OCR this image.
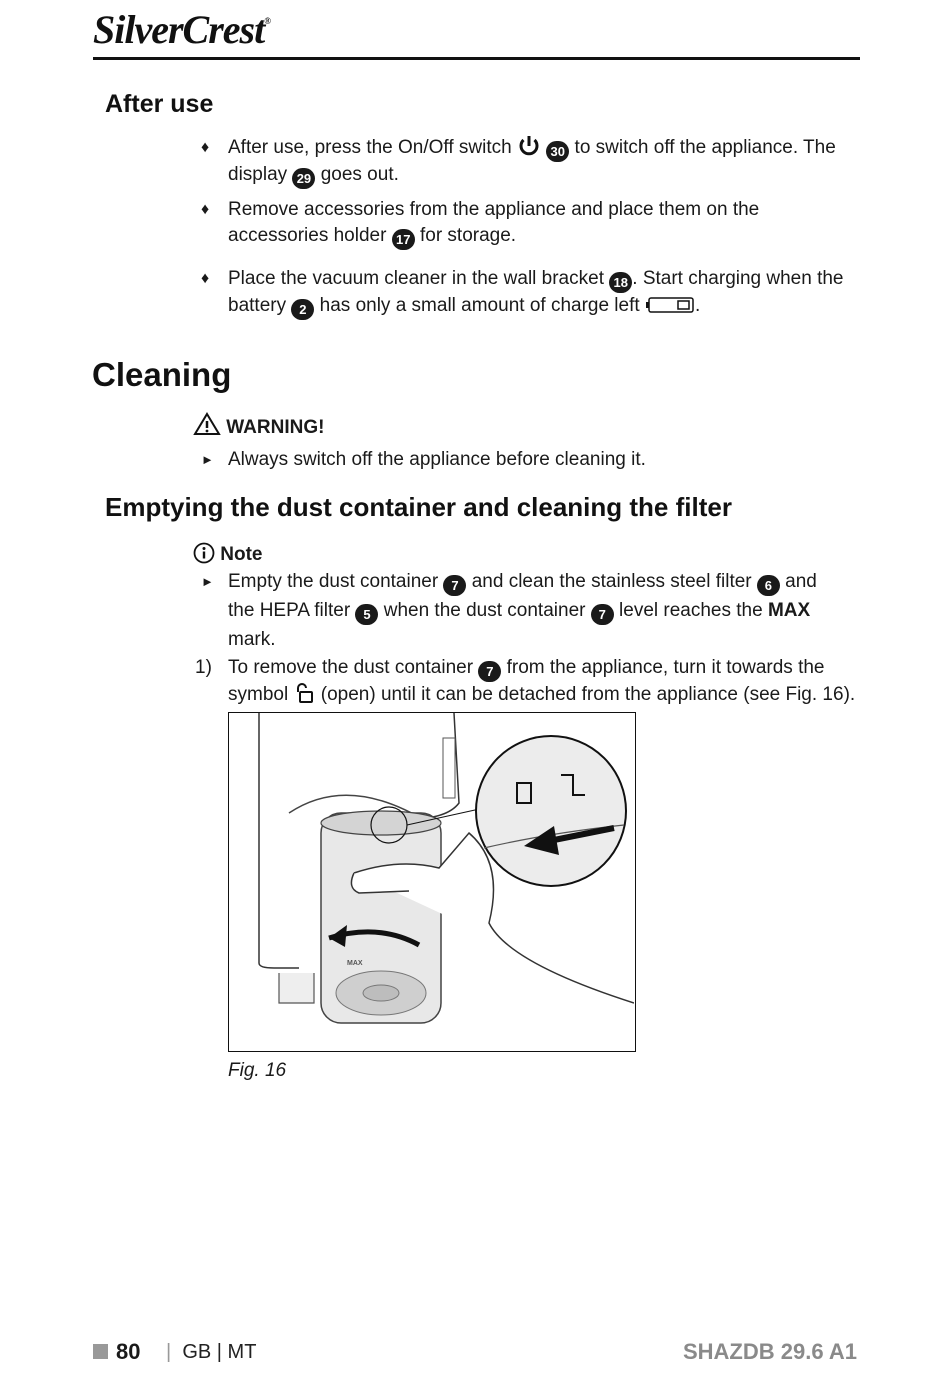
SilverCrest®
After use
♦ After use, press the On/Off switch	30 to switch off the appliance. The display 29 goes out.
♦ Remove accessories from the appliance and place them on the accessories holder 17 for storage.
♦ Place the vacuum cleaner in the wall bracket 18 . Start charging when the battery 2 has only a small amount of charge left	.
Cleaning
WARNING!
► Always switch off the appliance before cleaning it.
Emptying the dust container and cleaning the filter
Note
► Empty the dust container 7 and clean the stainless steel filter 6 and the HEPA filter 5 when the dust container 7 level reaches the MAX mark.
1) To remove the dust container 7 from the appliance, turn it towards the symbol  (open) until it can be detached from the appliance (see Fig. 16).
MAX
Fig. 16
80 | GB | MT	SHAZDB 29.6 A1
